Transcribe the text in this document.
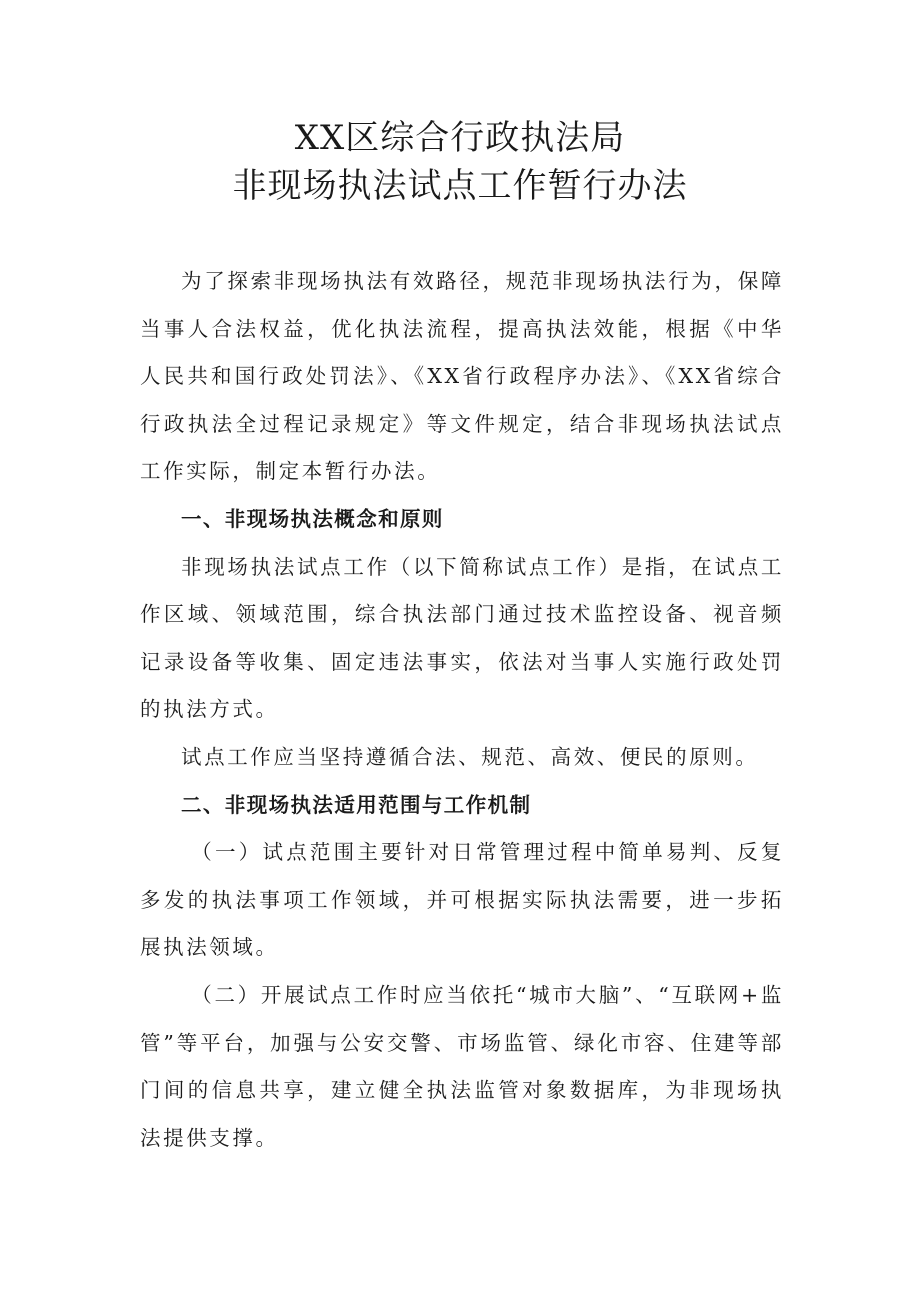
XX区综合行政执法局
非现场执法试点工作暂行办法

为了探索非现场执法有效路径，规范非现场执法行为，保障当事人合法权益，优化执法流程，提高执法效能，根据《中华人民共和国行政处罚法》、《XX省行政程序办法》、《XX省综合行政执法全过程记录规定》等文件规定，结合非现场执法试点工作实际，制定本暂行办法。

一、非现场执法概念和原则

非现场执法试点工作（以下简称试点工作）是指，在试点工作区域、领域范围，综合执法部门通过技术监控设备、视音频记录设备等收集、固定违法事实，依法对当事人实施行政处罚的执法方式。

试点工作应当坚持遵循合法、规范、高效、便民的原则。

二、非现场执法适用范围与工作机制

（一）试点范围主要针对日常管理过程中简单易判、反复多发的执法事项工作领域，并可根据实际执法需要，进一步拓展执法领域。

（二）开展试点工作时应当依托“城市大脑”、“互联网+监管”等平台，加强与公安交警、市场监管、绿化市容、住建等部门间的信息共享，建立健全执法监管对象数据库，为非现场执法提供支撑。
